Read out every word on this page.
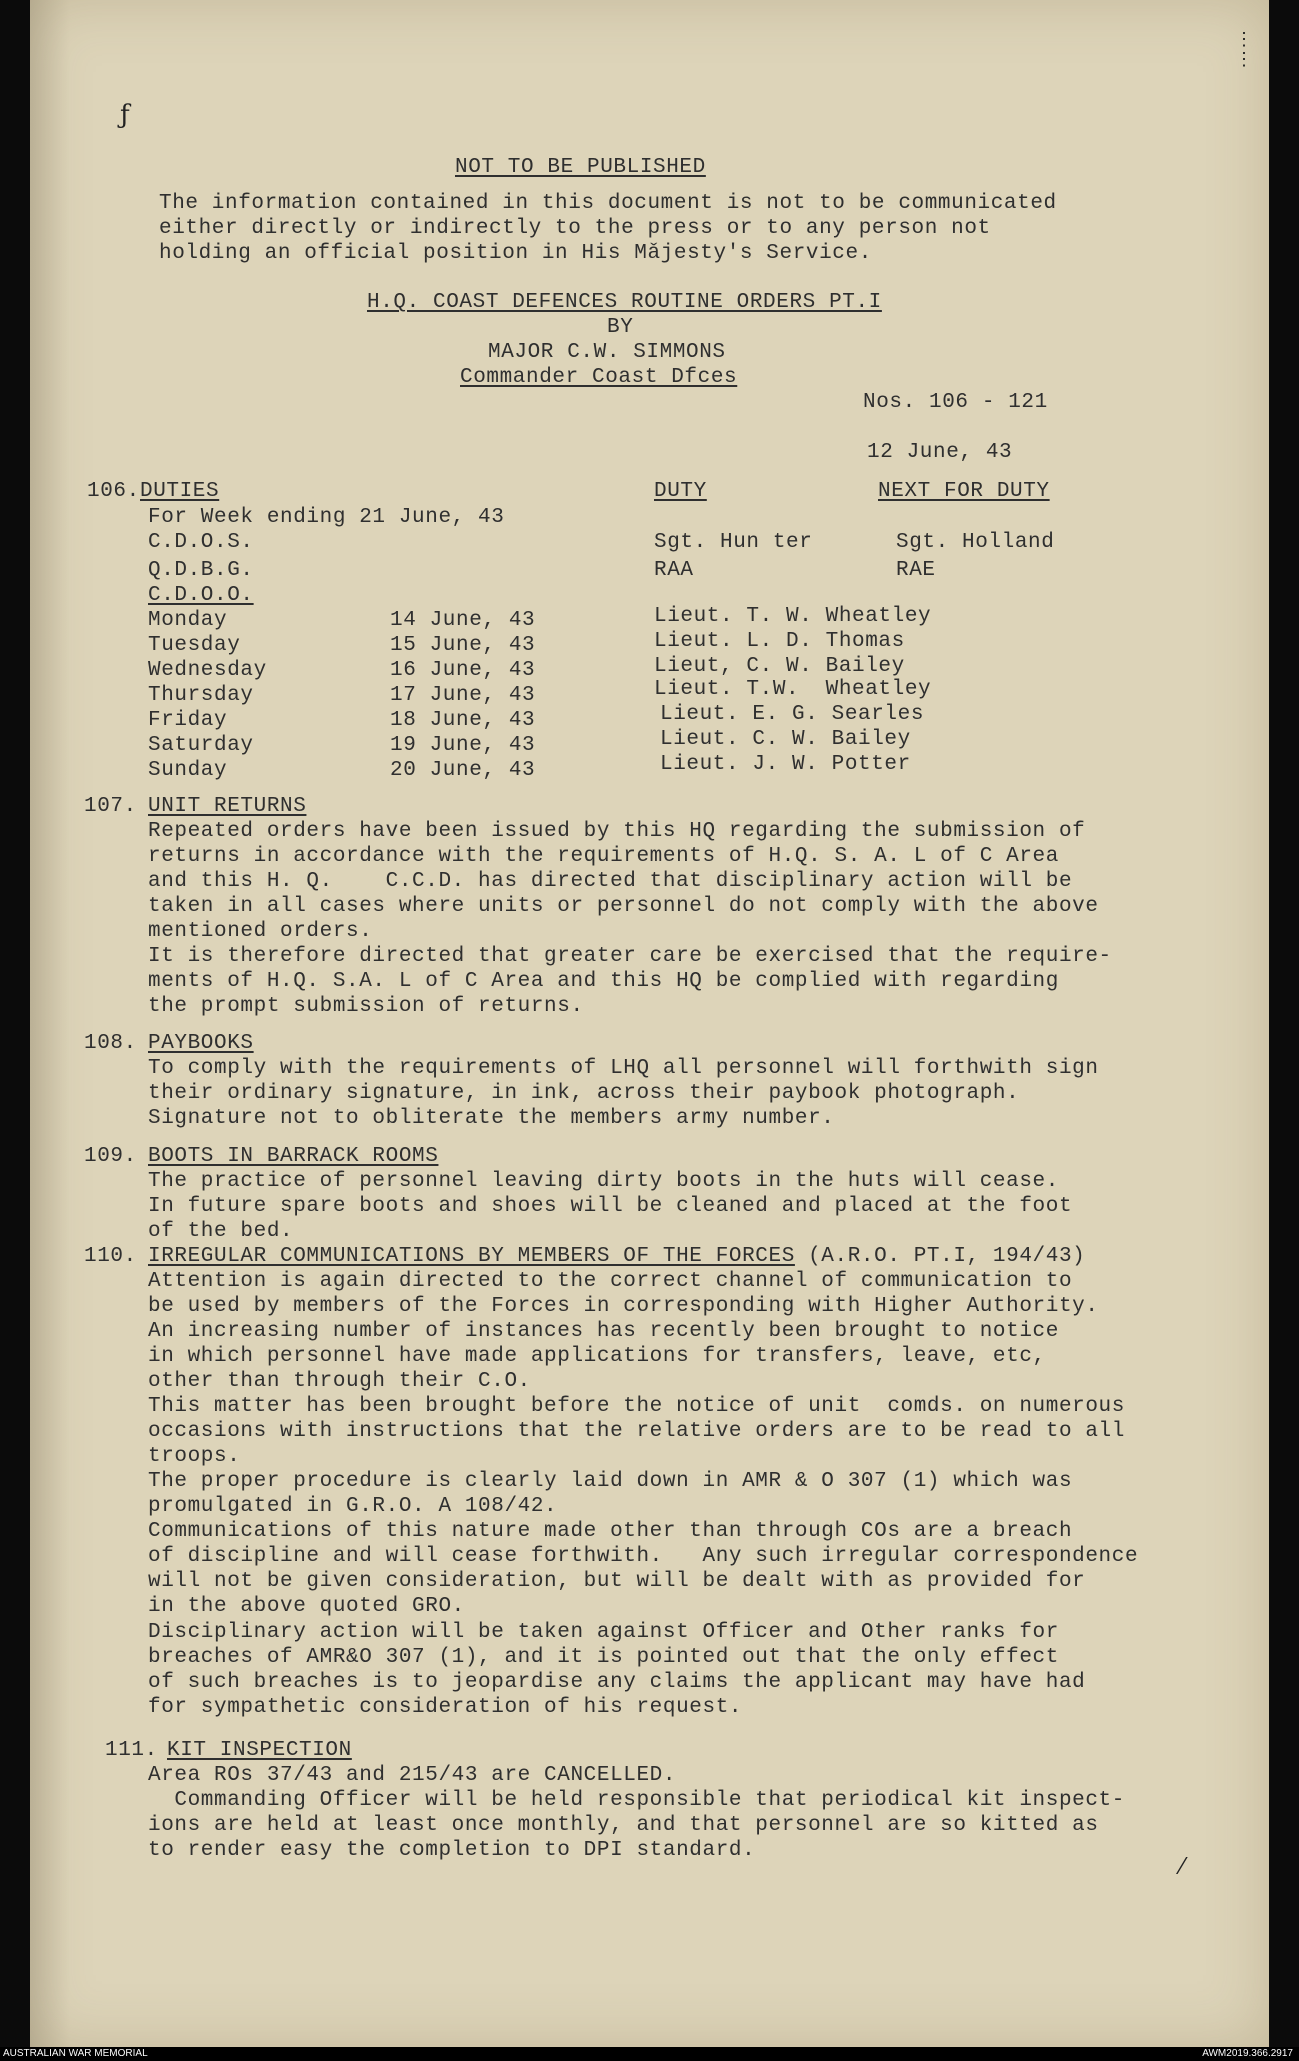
ƒ
⋮
⋮
NOT TO BE PUBLISHED
The information contained in this document is not to be communicated
either directly or indirectly to the press or to any person not
holding an official position in His Mǎjesty's Service.
H.Q. COAST DEFENCES ROUTINE ORDERS PT.I
BY
MAJOR C.W. SIMMONS
Commander Coast Dfces
Nos. 106 - 121
12 June, 43
106. DUTIES	DUTY	NEXT FOR DUTY
For Week ending 21 June, 43
C.D.O.S.	Sgt. Hun ter	Sgt. Holland
Q.D.B.G.	RAA	RAE
C.D.O.O.
Monday	14 June, 43	Lieut. T. W. Wheatley
Tuesday	15 June, 43	Lieut. L. D. Thomas
Wednesday	16 June, 43	Lieut, C. W. Bailey
Thursday	17 June, 43	Lieut. T.W.  Wheatley
Friday	18 June, 43	Lieut. E. G. Searles
Saturday	19 June, 43	Lieut. C. W. Bailey
Sunday	20 June, 43	Lieut. J. W. Potter
107. UNIT RETURNS
Repeated orders have been issued by this HQ regarding the submission of
returns in accordance with the requirements of H.Q. S. A. L of C Area
and this H. Q.    C.C.D. has directed that disciplinary action will be
taken in all cases where units or personnel do not comply with the above
mentioned orders.
It is therefore directed that greater care be exercised that the require-
ments of H.Q. S.A. L of C Area and this HQ be complied with regarding
the prompt submission of returns.
108. PAYBOOKS
To comply with the requirements of LHQ all personnel will forthwith sign
their ordinary signature, in ink, across their paybook photograph.
Signature not to obliterate the members army number.
109. BOOTS IN BARRACK ROOMS
The practice of personnel leaving dirty boots in the huts will cease.
In future spare boots and shoes will be cleaned and placed at the foot
of the bed.
110. IRREGULAR COMMUNICATIONS BY MEMBERS OF THE FORCES (A.R.O. PT.I, 194/43)
Attention is again directed to the correct channel of communication to
be used by members of the Forces in corresponding with Higher Authority.
An increasing number of instances has recently been brought to notice
in which personnel have made applications for transfers, leave, etc,
other than through their C.O.
This matter has been brought before the notice of unit  comds. on numerous
occasions with instructions that the relative orders are to be read to all
troops.
The proper procedure is clearly laid down in AMR & O 307 (1) which was
promulgated in G.R.O. A 108/42.
Communications of this nature made other than through COs are a breach
of discipline and will cease forthwith.   Any such irregular correspondence
will not be given consideration, but will be dealt with as provided for
in the above quoted GRO.
Disciplinary action will be taken against Officer and Other ranks for
breaches of AMR&O 307 (1), and it is pointed out that the only effect
of such breaches is to jeopardise any claims the applicant may have had
for sympathetic consideration of his request.
111. KIT INSPECTION
Area ROs 37/43 and 215/43 are CANCELLED.
Commanding Officer will be held responsible that periodical kit inspect-
ions are held at least once monthly, and that personnel are so kitted as
to render easy the completion to DPI standard.
⁄
AUSTRALIAN WAR MEMORIAL	AWM2019.366.2917
